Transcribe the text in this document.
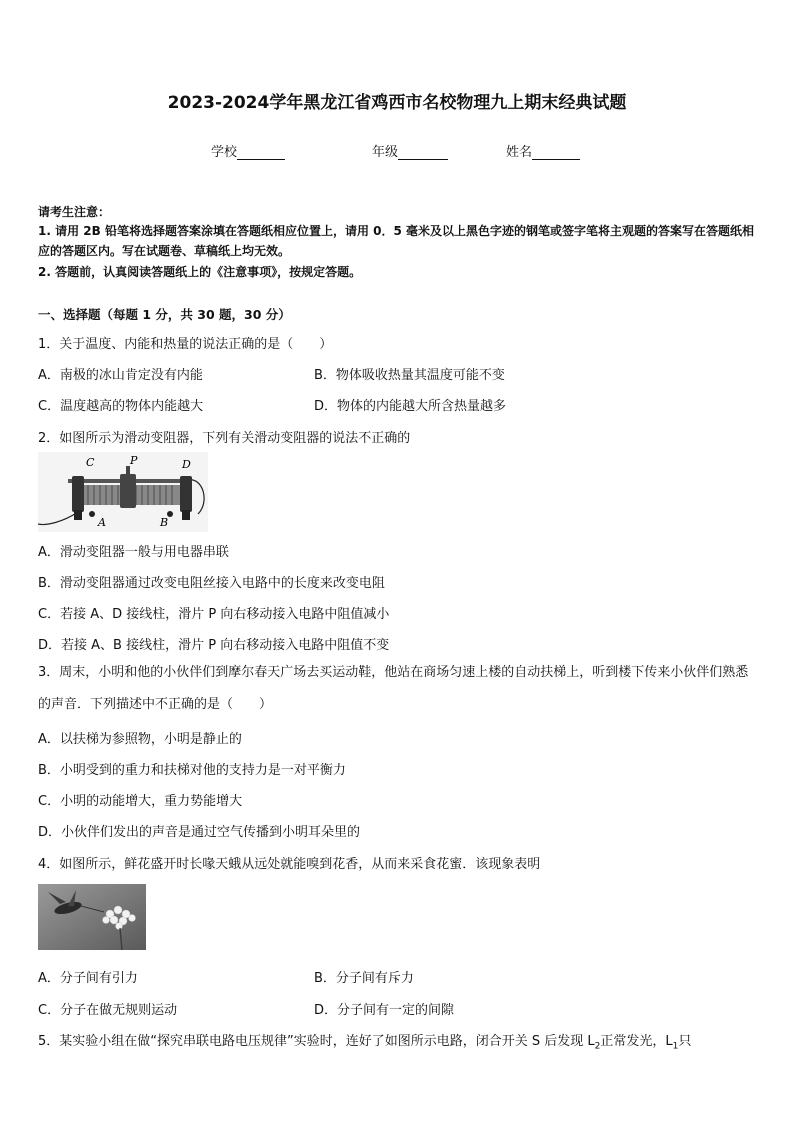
2023-2024学年黑龙江省鸡西市名校物理九上期末经典试题
学校	年级	姓名
请考生注意：
1. 请用 2B 铅笔将选择题答案涂填在答题纸相应位置上，请用 0．5 毫米及以上黑色字迹的钢笔或签字笔将主观题的答案写在答题纸相应的答题区内。写在试题卷、草稿纸上均无效。
2. 答题前，认真阅读答题纸上的《注意事项》，按规定答题。
一、选择题（每题 1 分，共 30 题，30 分）
1．关于温度、内能和热量的说法正确的是（　　）
A．南极的冰山肯定没有内能	B．物体吸收热量其温度可能不变
C．温度越高的物体内能越大	D．物体的内能越大所含热量越多
2．如图所示为滑动变阻器，下列有关滑动变阻器的说法不正确的
C	P	D
A	B
A．滑动变阻器一般与用电器串联
B．滑动变阻器通过改变电阻丝接入电路中的长度来改变电阻
C．若接 A、D 接线柱，滑片 P 向右移动接入电路中阻值减小
D．若接 A、B 接线柱，滑片 P 向右移动接入电路中阻值不变
3．周末，小明和他的小伙伴们到摩尔春天广场去买运动鞋，他站在商场匀速上楼的自动扶梯上，听到楼下传来小伙伴们熟悉的声音．下列描述中不正确的是（　　）
A．以扶梯为参照物，小明是静止的
B．小明受到的重力和扶梯对他的支持力是一对平衡力
C．小明的动能增大，重力势能增大
D．小伙伴们发出的声音是通过空气传播到小明耳朵里的
4．如图所示，鲜花盛开时长喙天蛾从远处就能嗅到花香，从而来采食花蜜．该现象表明
A．分子间有引力	B．分子间有斥力
C．分子在做无规则运动	D．分子间有一定的间隙
5．某实验小组在做“探究串联电路电压规律”实验时，连好了如图所示电路，闭合开关 S 后发现 $L_2$正常发光，$L_1$只
